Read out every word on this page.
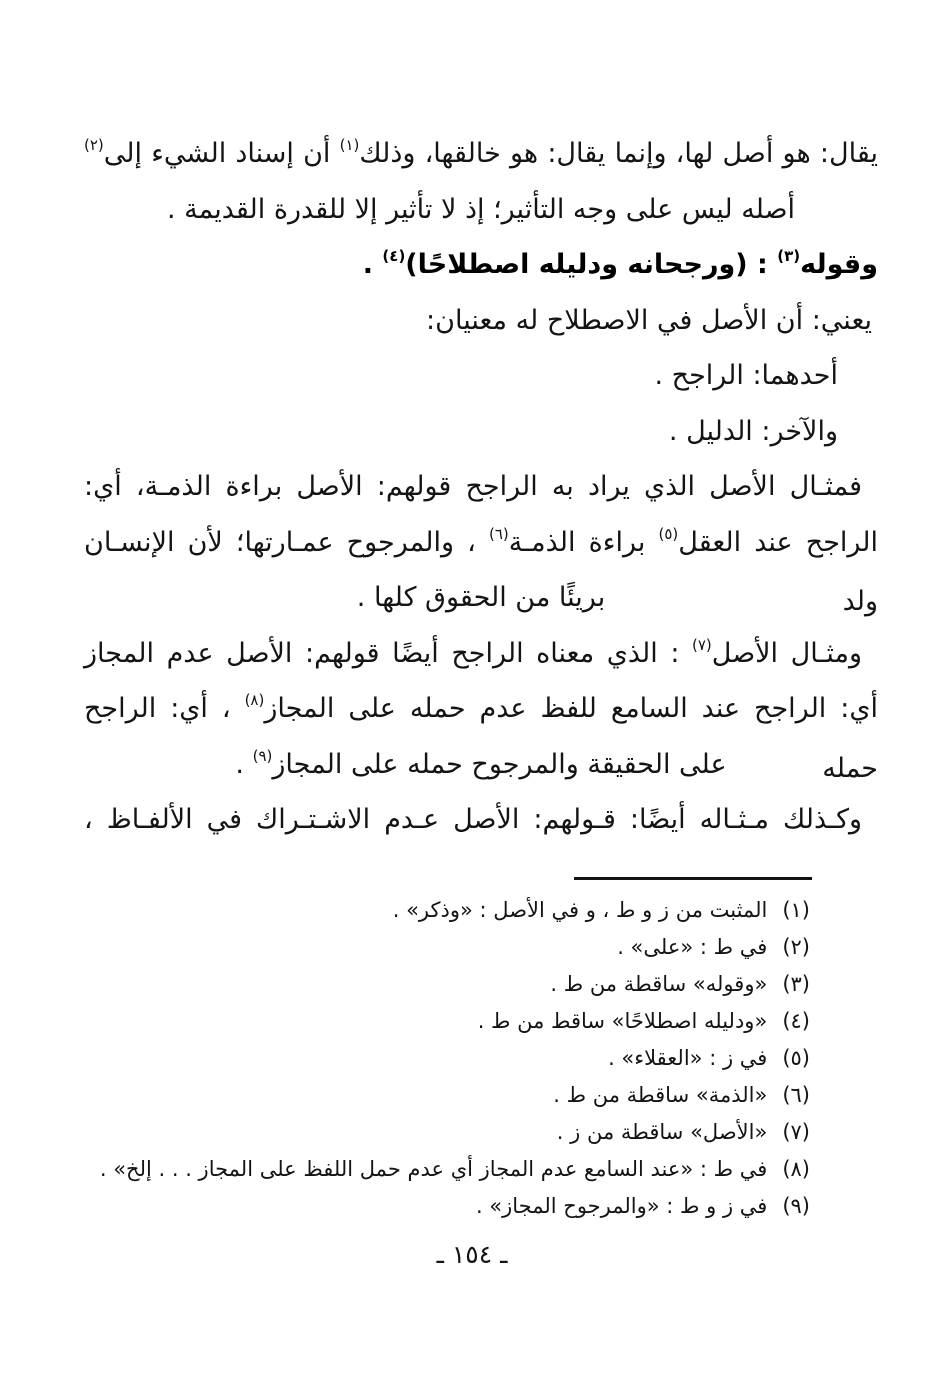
يقال: هو أصل لها، وإنما يقال: هو خالقها، وذلك$^{(١)}$ أن إسناد الشيء إلى$^{(٢)}$
أصله ليس على وجه التأثير؛ إذ لا تأثير إلا للقدرة القديمة .
وقوله$^{(٣)}$ : (ورجحانه ودليله اصطلاحًا)$^{(٤)}$ .
يعني: أن الأصل في الاصطلاح له معنيان:
أحدهما: الراجح .
والآخر: الدليل .
فمثـال الأصل الذي يراد به الراجح قولهم: الأصل براءة الذمـة، أي:
الراجح عند العقل$^{(٥)}$ براءة الذمـة$^{(٦)}$ ، والمرجوح عمـارتها؛ لأن الإنسـان ولد
بريئًا من الحقوق كلها .
ومثـال الأصل$^{(٧)}$ : الذي معناه الراجح أيضًا قولهم: الأصل عدم المجاز
أي: الراجح عند السامع للفظ عدم حمله على المجاز$^{(٨)}$ ، أي: الراجح حمله
على الحقيقة والمرجوح حمله على المجاز$^{(٩)}$ .
وكـذلك مـثـاله أيضًا: قـولهم: الأصل عـدم الاشـتـراك في الألفـاظ ،
(١)المثبت من ز و ط ، و في الأصل : «وذكر» .
(٢)في ط : «على» .
(٣)«وقوله» ساقطة من ط .
(٤)«ودليله اصطلاحًا» ساقط من ط .
(٥)في ز : «العقلاء» .
(٦)«الذمة» ساقطة من ط .
(٧)«الأصل» ساقطة من ز .
(٨)في ط : «عند السامع عدم المجاز أي عدم حمل اللفظ على المجاز . . . إلخ» .
(٩)في ز و ط : «والمرجوح المجاز» .
ـ ١٥٤ ـ
